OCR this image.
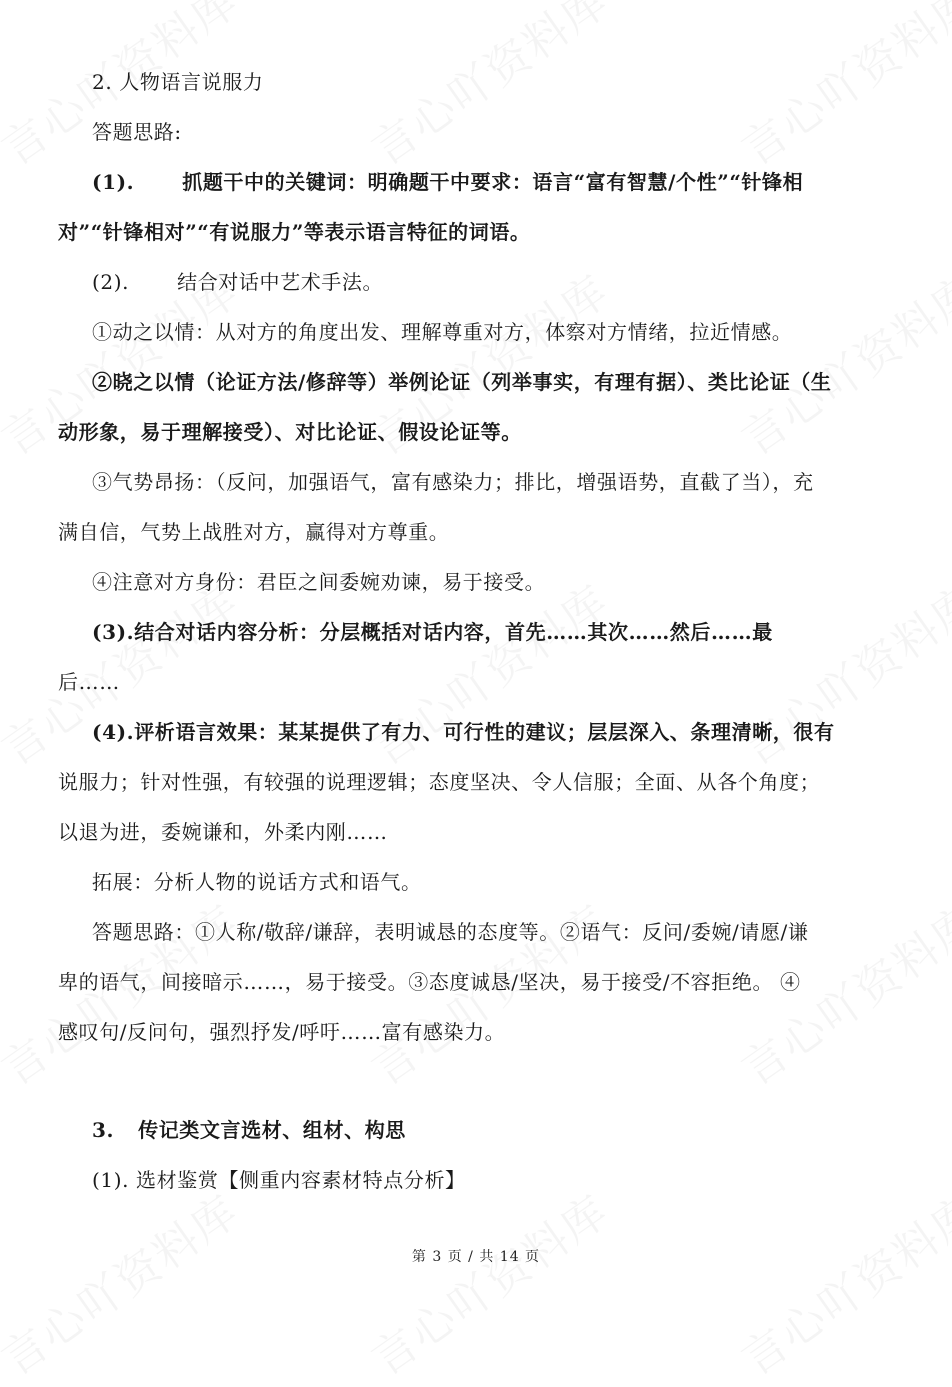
2. 人物语言说服力
答题思路:
(1). 抓题干中的关键词：明确题干中要求：语言“富有智慧/个性”“针锋相
对”“针锋相对”“有说服力”等表示语言特征的词语。
(2). 结合对话中艺术手法。
①动之以情：从对方的角度出发、理解尊重对方，体察对方情绪，拉近情感。
②晓之以情（论证方法/修辞等）举例论证（列举事实，有理有据）、类比论证（生
动形象，易于理解接受）、对比论证、假设论证等。
③气势昂扬：（反问，加强语气，富有感染力；排比，增强语势，直截了当），充
满自信，气势上战胜对方，赢得对方尊重。
④注意对方身份：君臣之间委婉劝谏，易于接受。
(3).结合对话内容分析：分层概括对话内容，首先……其次……然后……最
后……
(4).评析语言效果：某某提供了有力、可行性的建议；层层深入、条理清晰，很有
说服力；针对性强，有较强的说理逻辑；态度坚决、令人信服；全面、从各个角度；
以退为进，委婉谦和，外柔内刚……
拓展：分析人物的说话方式和语气。
答题思路：①人称/敬辞/谦辞，表明诚恳的态度等。②语气：反问/委婉/请愿/谦
卑的语气，间接暗示……，易于接受。③态度诚恳/坚决，易于接受/不容拒绝。 ④
感叹句/反问句，强烈抒发/呼吁……富有感染力。
3. 传记类文言选材、组材、构思
(1). 选材鉴赏【侧重内容素材特点分析】
第 3 页 / 共 14 页
